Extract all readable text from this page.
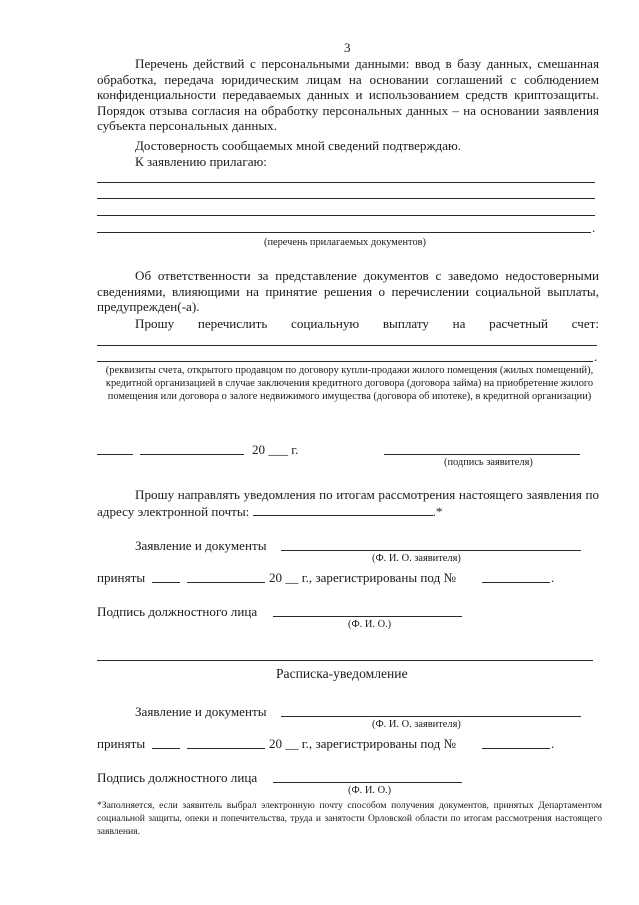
3
Перечень действий с персональными данными: ввод в базу данных, смешанная обработка, передача юридическим лицам на основании соглашений с соблюдением конфиденциальности передаваемых данных и использованием средств криптозащиты. Порядок отзыва согласия на обработку персональных данных – на основании заявления субъекта персональных данных.
Достоверность сообщаемых мной сведений подтверждаю.
К заявлению прилагаю:
.
(перечень прилагаемых документов)
Об ответственности за представление документов с заведомо недостоверными сведениями, влияющими на принятие решения о перечислении социальной выплаты, предупрежден(-а).
Прошу перечислить социальную выплату на расчетный счет:
.
(реквизиты счета, открытого продавцом по договору купли-продажи жилого помещения (жилых помещений), кредитной организацией в случае заключения кредитного договора (договора займа) на приобретение жилого помещения или договора о залоге недвижимого имущества (договора об ипотеке), в кредитной организации)
20 ___ г.
(подпись заявителя)
Прошу направлять уведомления по итогам рассмотрения настоящего заявления по адресу электронной почты:	.*
Заявление и документы
(Ф. И. О. заявителя)
приняты	20 __ г., зарегистрированы под №	.
Подпись должностного лица
(Ф. И. О.)
Расписка-уведомление
Заявление и документы
(Ф. И. О. заявителя)
приняты	20 __ г., зарегистрированы под №	.
Подпись должностного лица
(Ф. И. О.)
*Заполняется, если заявитель выбрал электронную почту способом получения документов, принятых Департаментом социальной защиты, опеки и попечительства, труда и занятости Орловской области по итогам рассмотрения настоящего заявления.
